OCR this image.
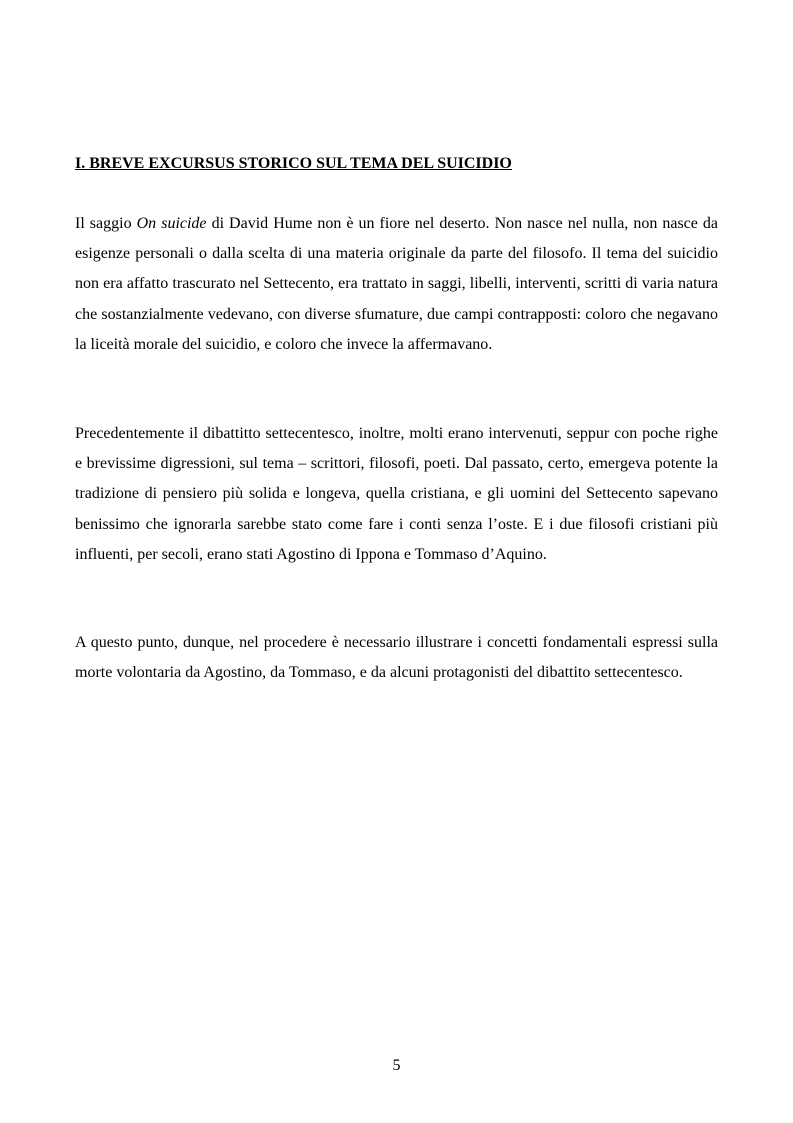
I. BREVE EXCURSUS STORICO SUL TEMA DEL SUICIDIO

Il saggio On suicide di David Hume non è un fiore nel deserto. Non nasce nel nulla, non nasce da esigenze personali o dalla scelta di una materia originale da parte del filosofo. Il tema del suicidio non era affatto trascurato nel Settecento, era trattato in saggi, libelli, interventi, scritti di varia natura che sostanzialmente vedevano, con diverse sfumature, due campi contrapposti: coloro che negavano la liceità morale del suicidio, e coloro che invece la affermavano.

Precedentemente il dibattitto settecentesco, inoltre, molti erano intervenuti, seppur con poche righe e brevissime digressioni, sul tema – scrittori, filosofi, poeti. Dal passato, certo, emergeva potente la tradizione di pensiero più solida e longeva, quella cristiana, e gli uomini del Settecento sapevano benissimo che ignorarla sarebbe stato come fare i conti senza l’oste. E i due filosofi cristiani più influenti, per secoli, erano stati Agostino di Ippona e Tommaso d’Aquino.

A questo punto, dunque, nel procedere è necessario illustrare i concetti fondamentali espressi sulla morte volontaria da Agostino, da Tommaso, e da alcuni protagonisti del dibattito settecentesco.

5
